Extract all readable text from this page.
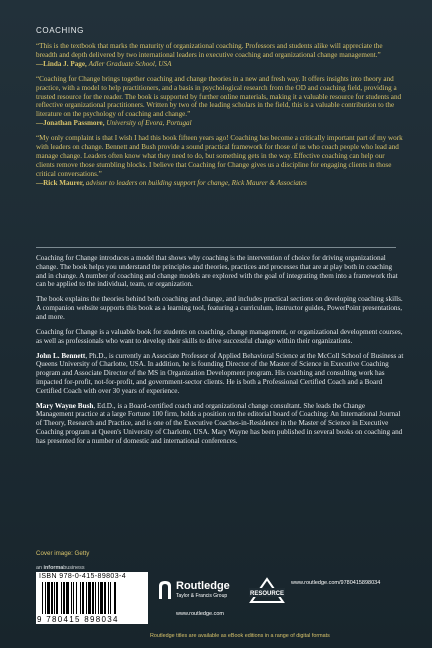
COACHING

“This is the textbook that marks the maturity of organizational coaching. Professors and students alike will appreciate the breadth and depth delivered by two international leaders in executive coaching and organizational change management.”
—Linda J. Page, Adler Graduate School, USA

“Coaching for Change brings together coaching and change theories in a new and fresh way. It offers insights into theory and practice, with a model to help practitioners, and a basis in psychological research from the OD and coaching field, providing a trusted resource for the reader. The book is supported by further online materials, making it a valuable resource for students and reflective organizational practitioners. Written by two of the leading scholars in the field, this is a valuable contribution to the literature on the psychology of coaching and change.”
—Jonathan Passmore, University of Evora, Portugal

“My only complaint is that I wish I had this book fifteen years ago! Coaching has become a critically important part of my work with leaders on change. Bennett and Bush provide a sound practical framework for those of us who coach people who lead and manage change. Leaders often know what they need to do, but something gets in the way. Effective coaching can help our clients remove those stumbling blocks. I believe that Coaching for Change gives us a discipline for engaging clients in those critical conversations.”
—Rick Maurer, advisor to leaders on building support for change, Rick Maurer & Associates

Coaching for Change introduces a model that shows why coaching is the intervention of choice for driving organizational change. The book helps you understand the principles and theories, practices and processes that are at play both in coaching and in change. A number of coaching and change models are explored with the goal of integrating them into a framework that can be applied to the individual, team, or organization.

The book explains the theories behind both coaching and change, and includes practical sections on developing coaching skills. A companion website supports this book as a learning tool, featuring a curriculum, instructor guides, PowerPoint presentations, and more.

Coaching for Change is a valuable book for students on coaching, change management, or organizational development courses, as well as professionals who want to develop their skills to drive successful change within their organizations.

John L. Bennett, Ph.D., is currently an Associate Professor of Applied Behavioral Science at the McColl School of Business at Queens University of Charlotte, USA. In addition, he is founding Director of the Master of Science in Executive Coaching program and Associate Director of the MS in Organization Development program. His coaching and consulting work has impacted for-profit, not-for-profit, and government-sector clients. He is both a Professional Certified Coach and a Board Certified Coach with over 30 years of experience.

Mary Wayne Bush, Ed.D., is a Board-certified coach and organizational change consultant. She leads the Change Management practice at a large Fortune 100 firm, holds a position on the editorial board of Coaching: An International Journal of Theory, Research and Practice, and is one of the Executive Coaches-in-Residence in the Master of Science in Executive Coaching program at Queen's University of Charlotte, USA. Mary Wayne has been published in several books on coaching and has presented for a number of domestic and international conferences.

Cover image: Getty
an informabusiness
ISBN 978-0-415-89803-4
9 780415 898034
Routledge
Taylor & Francis Group
www.routledge.com
RESOURCE
www.routledge.com/9780415898034
Routledge titles are available as eBook editions in a range of digital formats
